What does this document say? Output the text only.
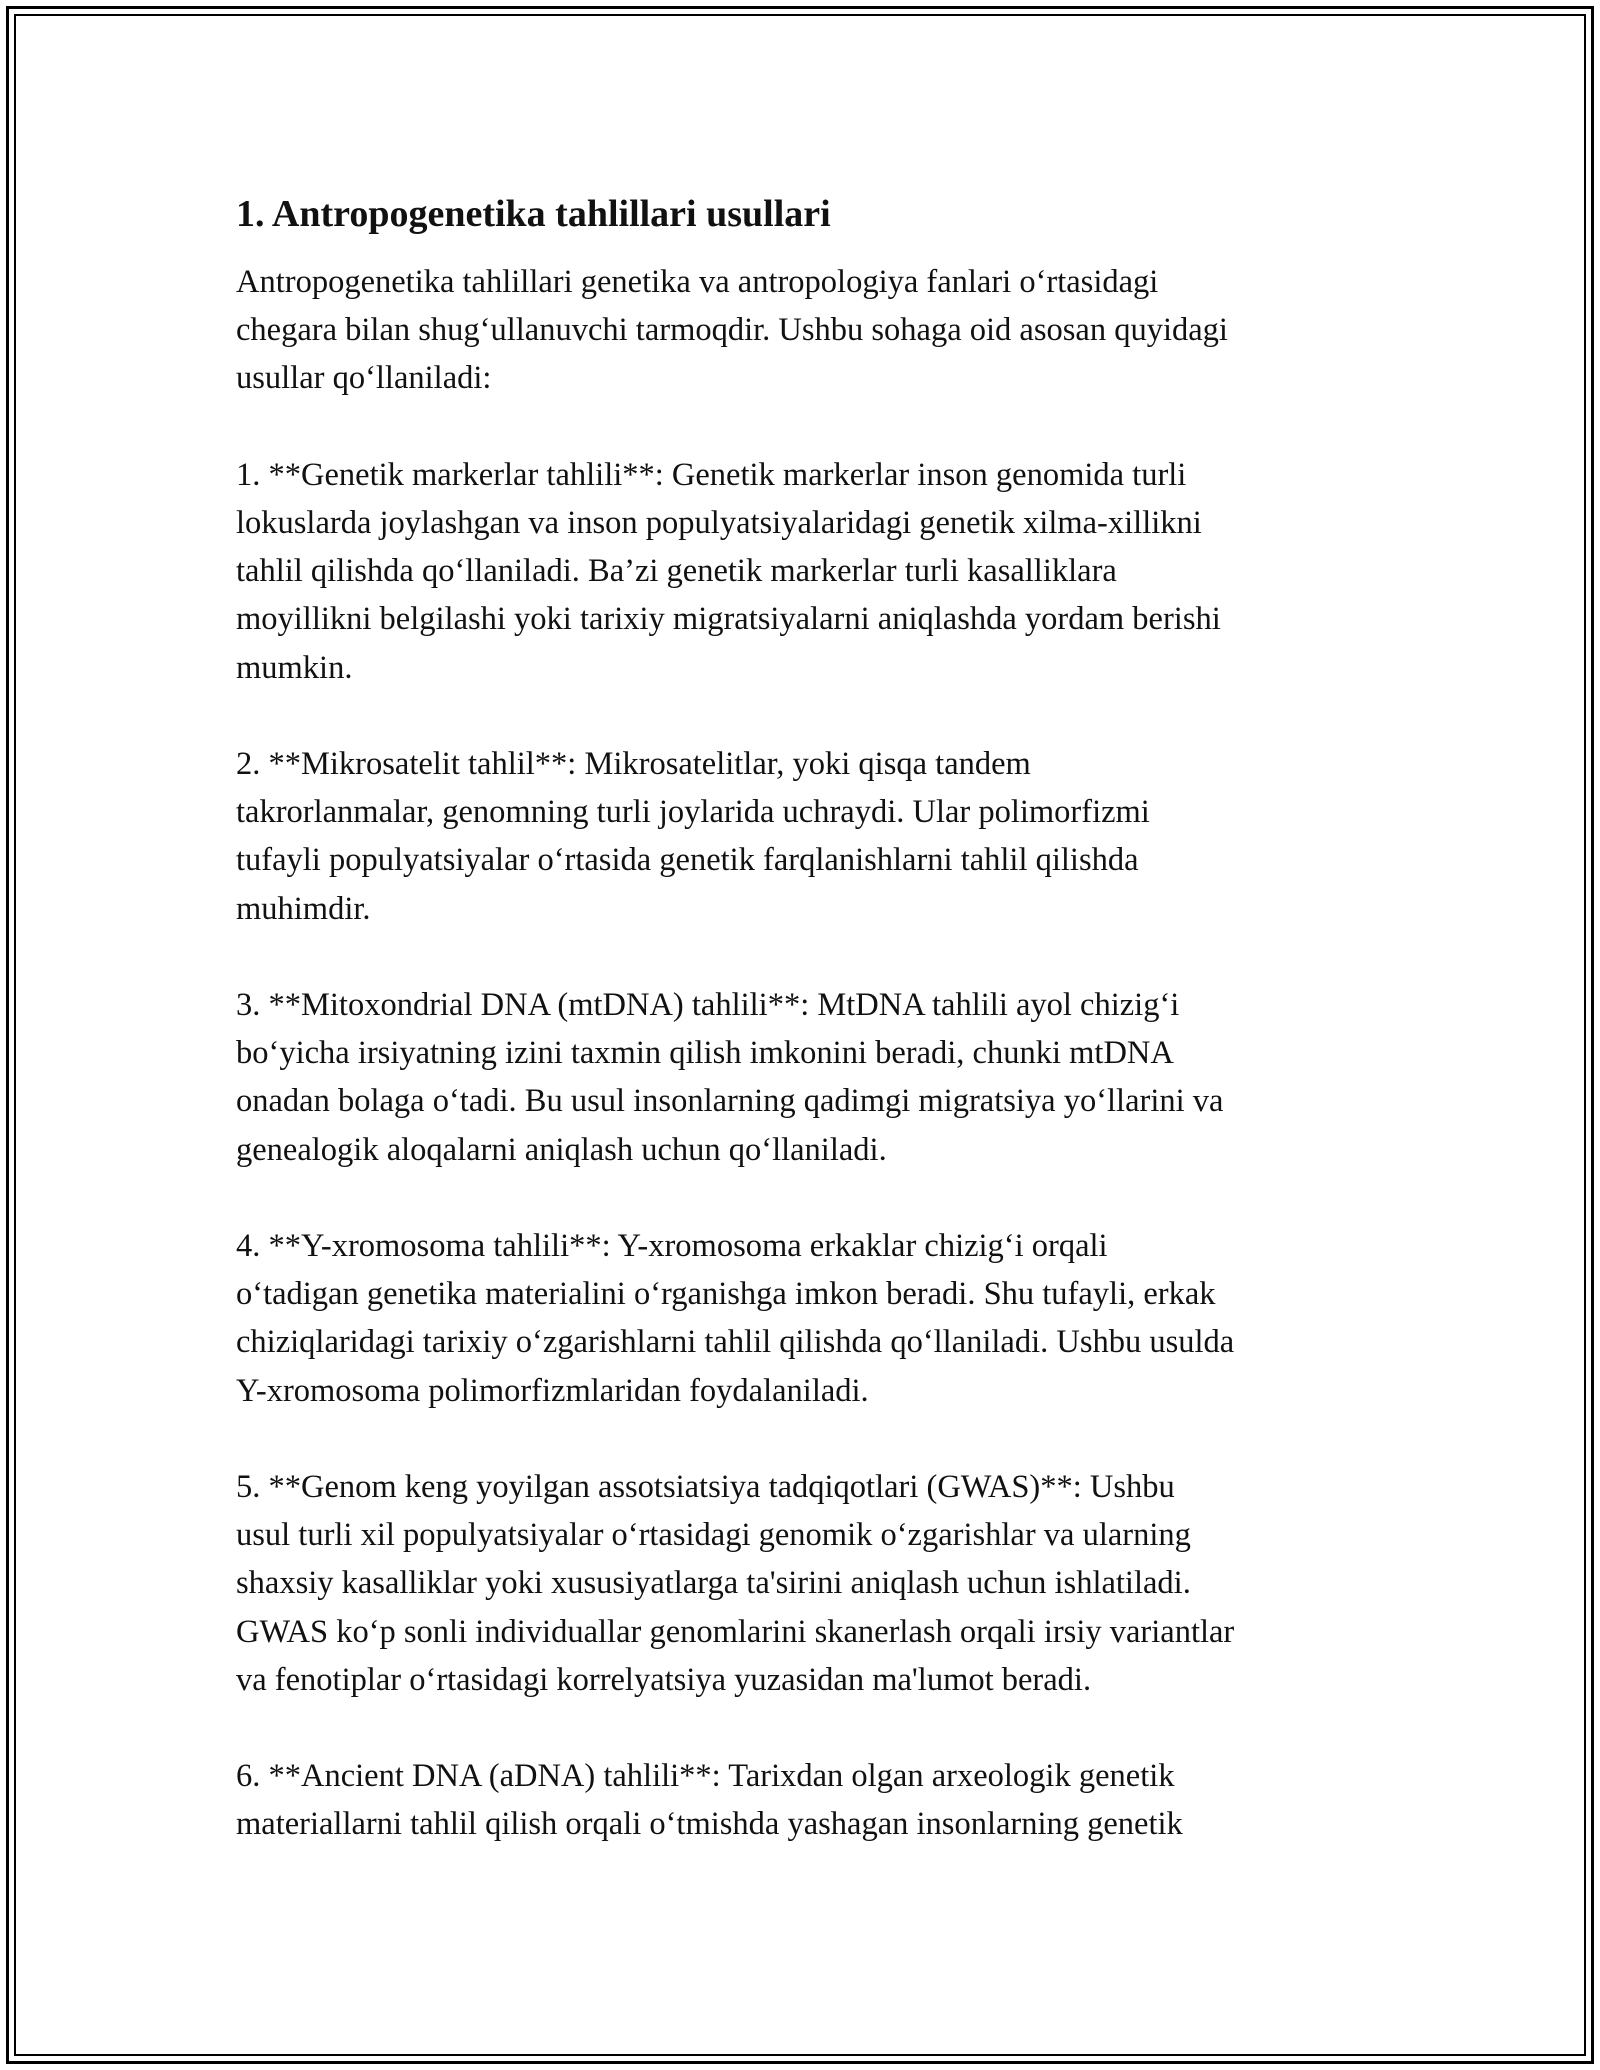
1. Antropogenetika tahlillari usullari
Antropogenetika tahlillari genetika va antropologiya fanlari o‘rtasidagi
chegara bilan shug‘ullanuvchi tarmoqdir. Ushbu sohaga oid asosan quyidagi
usullar qo‘llaniladi:
1. **Genetik markerlar tahlili**: Genetik markerlar inson genomida turli
lokuslarda joylashgan va inson populyatsiyalaridagi genetik xilma-xillikni
tahlil qilishda qo‘llaniladi. Ba’zi genetik markerlar turli kasalliklara
moyillikni belgilashi yoki tarixiy migratsiyalarni aniqlashda yordam berishi
mumkin.
2. **Mikrosatelit tahlil**: Mikrosatelitlar, yoki qisqa tandem
takrorlanmalar, genomning turli joylarida uchraydi. Ular polimorfizmi
tufayli populyatsiyalar o‘rtasida genetik farqlanishlarni tahlil qilishda
muhimdir.
3. **Mitoxondrial DNA (mtDNA) tahlili**: MtDNA tahlili ayol chizig‘i
bo‘yicha irsiyatning izini taxmin qilish imkonini beradi, chunki mtDNA
onadan bolaga o‘tadi. Bu usul insonlarning qadimgi migratsiya yo‘llarini va
genealogik aloqalarni aniqlash uchun qo‘llaniladi.
4. **Y-xromosoma tahlili**: Y-xromosoma erkaklar chizig‘i orqali
o‘tadigan genetika materialini o‘rganishga imkon beradi. Shu tufayli, erkak
chiziqlaridagi tarixiy o‘zgarishlarni tahlil qilishda qo‘llaniladi. Ushbu usulda
Y-xromosoma polimorfizmlaridan foydalaniladi.
5. **Genom keng yoyilgan assotsiatsiya tadqiqotlari (GWAS)**: Ushbu
usul turli xil populyatsiyalar o‘rtasidagi genomik o‘zgarishlar va ularning
shaxsiy kasalliklar yoki xususiyatlarga ta'sirini aniqlash uchun ishlatiladi.
GWAS ko‘p sonli individuallar genomlarini skanerlash orqali irsiy variantlar
va fenotiplar o‘rtasidagi korrelyatsiya yuzasidan ma'lumot beradi.
6. **Ancient DNA (aDNA) tahlili**: Tarixdan olgan arxeologik genetik
materiallarni tahlil qilish orqali o‘tmishda yashagan insonlarning genetik
